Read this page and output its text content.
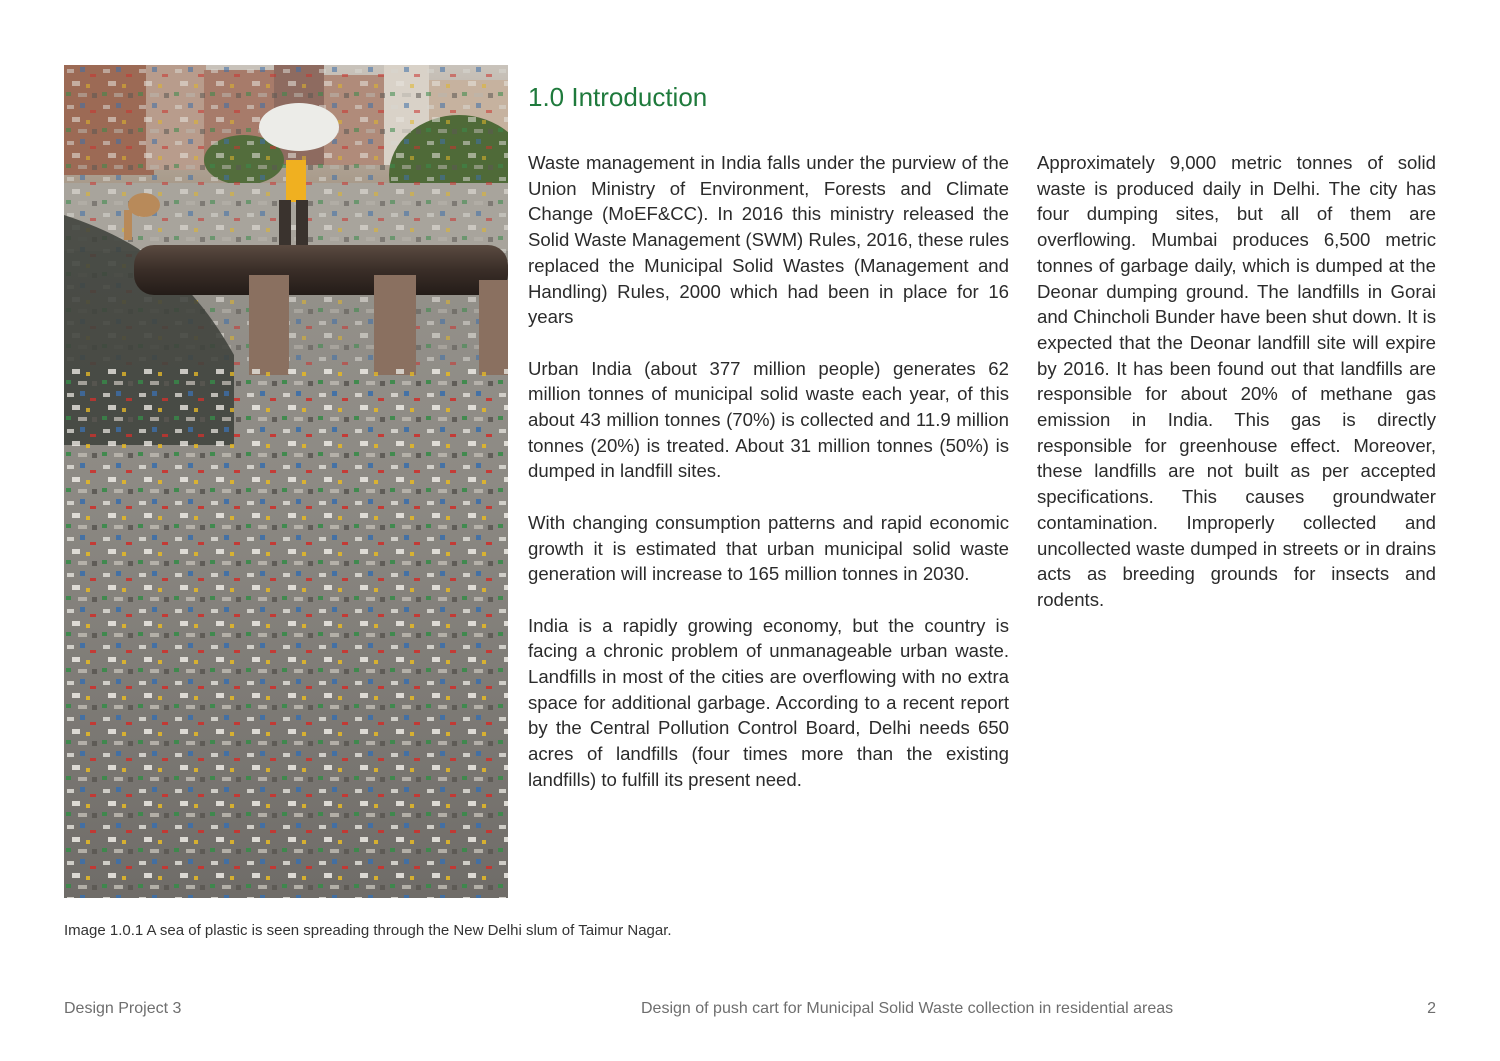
1.0 Introduction

Waste management in India falls under the purview of the Union Ministry of Environment, Forests and Climate Change (MoEF&CC). In 2016 this ministry released the Solid Waste Management (SWM) Rules, 2016, these rules replaced the Municipal Solid Wastes (Management and Handling) Rules, 2000 which had been in place for 16 years

Urban India (about 377 million people) generates 62 million tonnes of municipal solid waste each year, of this about 43 million tonnes (70%) is collected and 11.9 million tonnes (20%) is treated. About 31 million tonnes (50%) is dumped in landfill sites.

With changing consumption patterns and rapid economic growth it is estimated that urban municipal solid waste generation will increase to 165 million tonnes in 2030.

India is a rapidly growing economy, but the country is facing a chronic problem of unmanageable urban waste. Landfills in most of the cities are overflowing with no extra space for additional garbage. According to a recent report by the Central Pollution Control Board, Delhi needs 650 acres of landfills (four times more than the existing landfills) to fulfill its present need.

Approximately 9,000 metric tonnes of solid waste is produced daily in Delhi. The city has four dumping sites, but all of them are overflowing. Mumbai produces 6,500 metric tonnes of garbage daily, which is dumped at the Deonar dumping ground. The landfills in Gorai and Chincholi Bunder have been shut down. It is expected that the Deonar landfill site will expire by 2016. It has been found out that landfills are responsible for about 20% of methane gas emission in India. This gas is directly responsible for greenhouse effect. Moreover, these landfills are not built as per accepted specifications. This causes groundwater contamination. Improperly collected and uncollected waste dumped in streets or in drains acts as breeding grounds for insects and rodents.

Image 1.0.1 A sea of plastic is seen spreading through the New Delhi slum of Taimur Nagar.
Design Project 3	Design of push cart for Municipal Solid Waste collection in residential areas	2
